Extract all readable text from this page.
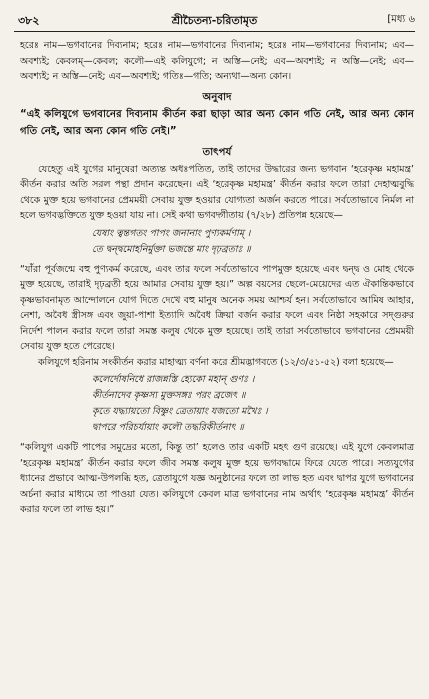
৩৮২	শ্রীচৈতন্য-চরিতামৃত	[মধ্য ৬

হরেঃ নাম—ভগবানের দিব্যনাম; হরেঃ নাম—ভগবানের দিব্যনাম; হরেঃ নাম—ভগবানের দিব্যনাম; এব—অবশ্যই; কেবলম্—কেবল; কলৌ—এই কলিযুগে; ন অস্তি—নেই; এব—অবশ্যই; ন অস্তি—নেই; এব—অবশ্যই; ন অস্তি—নেই; এব—অবশ্যই; গতিঃ—গতি; অন্যথা—অন্য কোন।

অনুবাদ

“এই কলিযুগে ভগবানের দিব্যনাম কীর্তন করা ছাড়া আর অন্য কোন গতি নেই, আর অন্য কোন গতি নেই, আর অন্য কোন গতি নেই।”

তাৎপর্য

যেহেতু এই যুগের মানুষেরা অত্যন্ত অধঃপতিত, তাই তাদের উদ্ধারের জন্য ভগবান ‘হরেকৃষ্ণ মহামন্ত্র’ কীর্তন করার অতি সরল পন্থা প্রদান করেছেন। এই ‘হরেকৃষ্ণ মহামন্ত্র’ কীর্তন করার ফলে তারা দেহাত্মবুদ্ধি থেকে মুক্ত হয়ে ভগবানের প্রেমময়ী সেবায় যুক্ত হওয়ার যোগ্যতা অর্জন করতে পারে। সর্বতোভাবে নির্মল না হলে ভগবদ্ভক্তিতে যুক্ত হওয়া যায় না। সেই কথা ভগবদ্গীতায় (৭/২৮) প্রতিপন্ন হয়েছে—

যেষাং ত্বন্তগতং পাপং জনানাং পুণ্যকর্মণাম্ ।
তে দ্বন্দ্বমোহনির্মুক্তা ভজন্তে মাং দৃঢ়ব্রতাঃ ॥

“যাঁরা পূর্বজন্মে বহু পুণ্যকর্ম করেছে, এবং তার ফলে সর্বতোভাবে পাপমুক্ত হয়েছে এবং দ্বন্দ্ব ও মোহ থেকে মুক্ত হয়েছে, তারাই দৃঢ়ব্রতী হয়ে আমার সেবায় যুক্ত হয়।” অল্প বয়সের ছেলে-মেয়েদের এত ঐকান্তিকভাবে কৃষ্ণভাবনামৃত আন্দোলনে যোগ দিতে দেখে বহু মানুষ অনেক সময় আশ্চর্য হন। সর্বতোভাবে আমিষ আহার, নেশা, অবৈধ স্ত্রীসঙ্গ এবং জুয়া-পাশা ইত্যাদি অবৈধ ক্রিয়া বর্জন করার ফলে এবং নিষ্ঠা সহকারে সদ্গুরুর নির্দেশ পালন করার ফলে তারা সমস্ত কলুষ থেকে মুক্ত হয়েছে। তাই তারা সর্বতোভাবে ভগবানের প্রেমময়ী সেবায় যুক্ত হতে পেরেছে।

কলিযুগে হরিনাম সংকীর্তন করার মাহাত্ম্য বর্ণনা করে শ্রীমদ্ভাগবতে (১২/৩/৫১-৫২) বলা হয়েছে—

কলের্দোষনিধে রাজন্নস্তি হ্যেকো মহান্ গুণঃ ।
কীর্তনাদেব কৃষ্ণস্য মুক্তসঙ্গঃ পরং ব্রজেৎ ॥
কৃতে যদ্ধ্যায়তো বিষ্ণুং ত্রেতায়াং যজতো মখৈঃ ।
দ্বাপরে পরিচর্যায়াং কলৌ তদ্ধরিকীর্তনাৎ ॥

“কলিযুগ একটি পাপের সমুদ্রের মতো, কিন্তু তা’ হলেও তার একটি মহৎ গুণ রয়েছে। এই যুগে কেবলমাত্র ‘হরেকৃষ্ণ মহামন্ত্র’ কীর্তন করার ফলে জীব সমস্ত কলুষ মুক্ত হয়ে ভগবদ্ধামে ফিরে যেতে পারে। সত্যযুগের ধ্যানের প্রভাবে আত্ম-উপলব্ধি হত, ত্রেতাযুগে যজ্ঞ অনুষ্ঠানের ফলে তা লাভ হত এবং দ্বাপর যুগে ভগবানের অর্চনা করার মাধ্যমে তা পাওয়া যেত। কলিযুগে কেবল মাত্র ভগবানের নাম অর্থাৎ ‘হরেকৃষ্ণ মহামন্ত্র’ কীর্তন করার ফলে তা লাভ হয়।”
